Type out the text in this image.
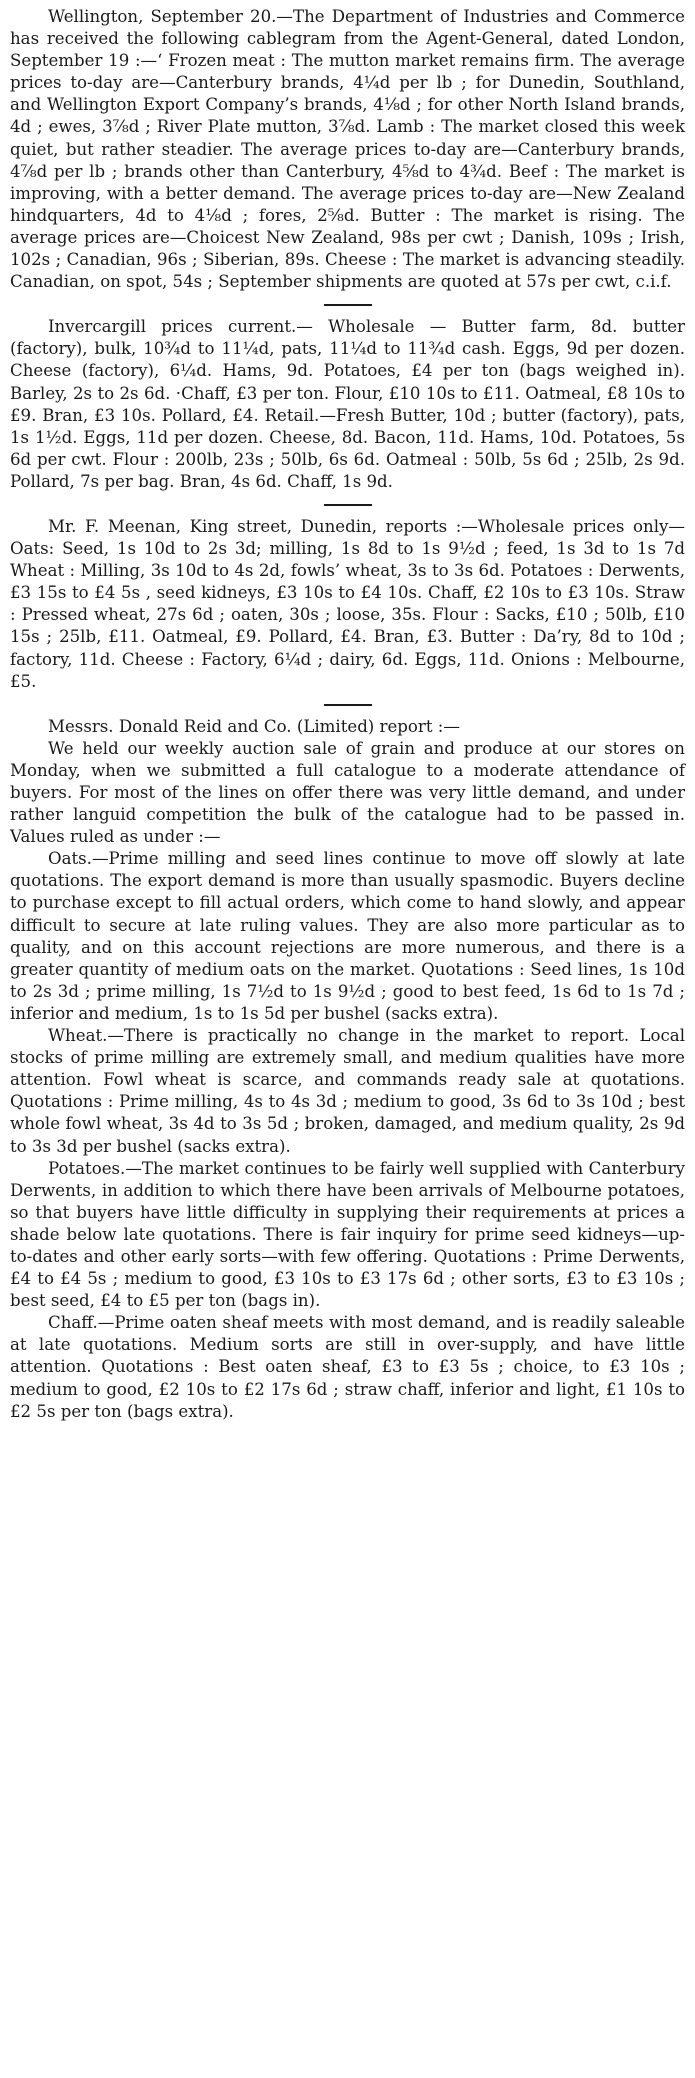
Wellington, September 20.—The Department of Industries and Commerce has received the following cablegram from the Agent-General, dated London, September 19 :—‘ Frozen meat : The mutton market remains firm. The average prices to-day are—Canterbury brands, 4¼d per lb ; for Dunedin, Southland, and Wellington Export Company’s brands, 4⅛d ; for other North Island brands, 4d ; ewes, 3⅞d ; River Plate mutton, 3⅞d. Lamb : The market closed this week quiet, but rather steadier. The average prices to-day are—Canterbury brands, 4⅞d per lb ; brands other than Canterbury, 4⅝d to 4¾d. Beef : The market is improving, with a better demand. The average prices to-day are—New Zealand hindquarters, 4d to 4⅛d ; fores, 2⅝d. Butter : The market is rising. The average prices are—Choicest New Zealand, 98s per cwt ; Danish, 109s ; Irish, 102s ; Canadian, 96s ; Siberian, 89s. Cheese : The market is advancing steadily. Canadian, on spot, 54s ; September shipments are quoted at 57s per cwt, c.i.f.

Invercargill prices current.— Wholesale — Butter farm, 8d. butter (factory), bulk, 10¾d to 11¼d, pats, 11¼d to 11¾d cash. Eggs, 9d per dozen. Cheese (factory), 6¼d. Hams, 9d. Potatoes, £4 per ton (bags weighed in). Barley, 2s to 2s 6d. ·Chaff, £3 per ton. Flour, £10 10s to £11. Oatmeal, £8 10s to £9. Bran, £3 10s. Pollard, £4. Retail.—Fresh Butter, 10d ; butter (factory), pats, 1s 1½d. Eggs, 11d per dozen. Cheese, 8d. Bacon, 11d. Hams, 10d. Potatoes, 5s 6d per cwt. Flour : 200lb, 23s ; 50lb, 6s 6d. Oatmeal : 50lb, 5s 6d ; 25lb, 2s 9d. Pollard, 7s per bag. Bran, 4s 6d. Chaff, 1s 9d.

Mr. F. Meenan, King street, Dunedin, reports :—Wholesale prices only—Oats: Seed, 1s 10d to 2s 3d; milling, 1s 8d to 1s 9½d ; feed, 1s 3d to 1s 7d Wheat : Milling, 3s 10d to 4s 2d, fowls’ wheat, 3s to 3s 6d. Potatoes : Derwents, £3 15s to £4 5s , seed kidneys, £3 10s to £4 10s. Chaff, £2 10s to £3 10s. Straw : Pressed wheat, 27s 6d ; oaten, 30s ; loose, 35s. Flour : Sacks, £10 ; 50lb, £10 15s ; 25lb, £11. Oatmeal, £9. Pollard, £4. Bran, £3. Butter : Da’ry, 8d to 10d ; factory, 11d. Cheese : Factory, 6¼d ; dairy, 6d. Eggs, 11d. Onions : Melbourne, £5.

Messrs. Donald Reid and Co. (Limited) report :—

We held our weekly auction sale of grain and produce at our stores on Monday, when we submitted a full catalogue to a moderate attendance of buyers. For most of the lines on offer there was very little demand, and under rather languid competition the bulk of the catalogue had to be passed in. Values ruled as under :—

Oats.—Prime milling and seed lines continue to move off slowly at late quotations. The export demand is more than usually spasmodic. Buyers decline to purchase except to fill actual orders, which come to hand slowly, and appear difficult to secure at late ruling values. They are also more particular as to quality, and on this account rejections are more numerous, and there is a greater quantity of medium oats on the market. Quotations : Seed lines, 1s 10d to 2s 3d ; prime milling, 1s 7½d to 1s 9½d ; good to best feed, 1s 6d to 1s 7d ; inferior and medium, 1s to 1s 5d per bushel (sacks extra).

Wheat.—There is practically no change in the market to report. Local stocks of prime milling are extremely small, and medium qualities have more attention. Fowl wheat is scarce, and commands ready sale at quotations. Quotations : Prime milling, 4s to 4s 3d ; medium to good, 3s 6d to 3s 10d ; best whole fowl wheat, 3s 4d to 3s 5d ; broken, damaged, and medium quality, 2s 9d to 3s 3d per bushel (sacks extra).

Potatoes.—The market continues to be fairly well supplied with Canterbury Derwents, in addition to which there have been arrivals of Melbourne potatoes, so that buyers have little difficulty in supplying their requirements at prices a shade below late quotations. There is fair inquiry for prime seed kidneys—up-to-dates and other early sorts—with few offering. Quotations : Prime Derwents, £4 to £4 5s ; medium to good, £3 10s to £3 17s 6d ; other sorts, £3 to £3 10s ; best seed, £4 to £5 per ton (bags in).

Chaff.—Prime oaten sheaf meets with most demand, and is readily saleable at late quotations. Medium sorts are still in over-supply, and have little attention. Quotations : Best oaten sheaf, £3 to £3 5s ; choice, to £3 10s ; medium to good, £2 10s to £2 17s 6d ; straw chaff, inferior and light, £1 10s to £2 5s per ton (bags extra).
